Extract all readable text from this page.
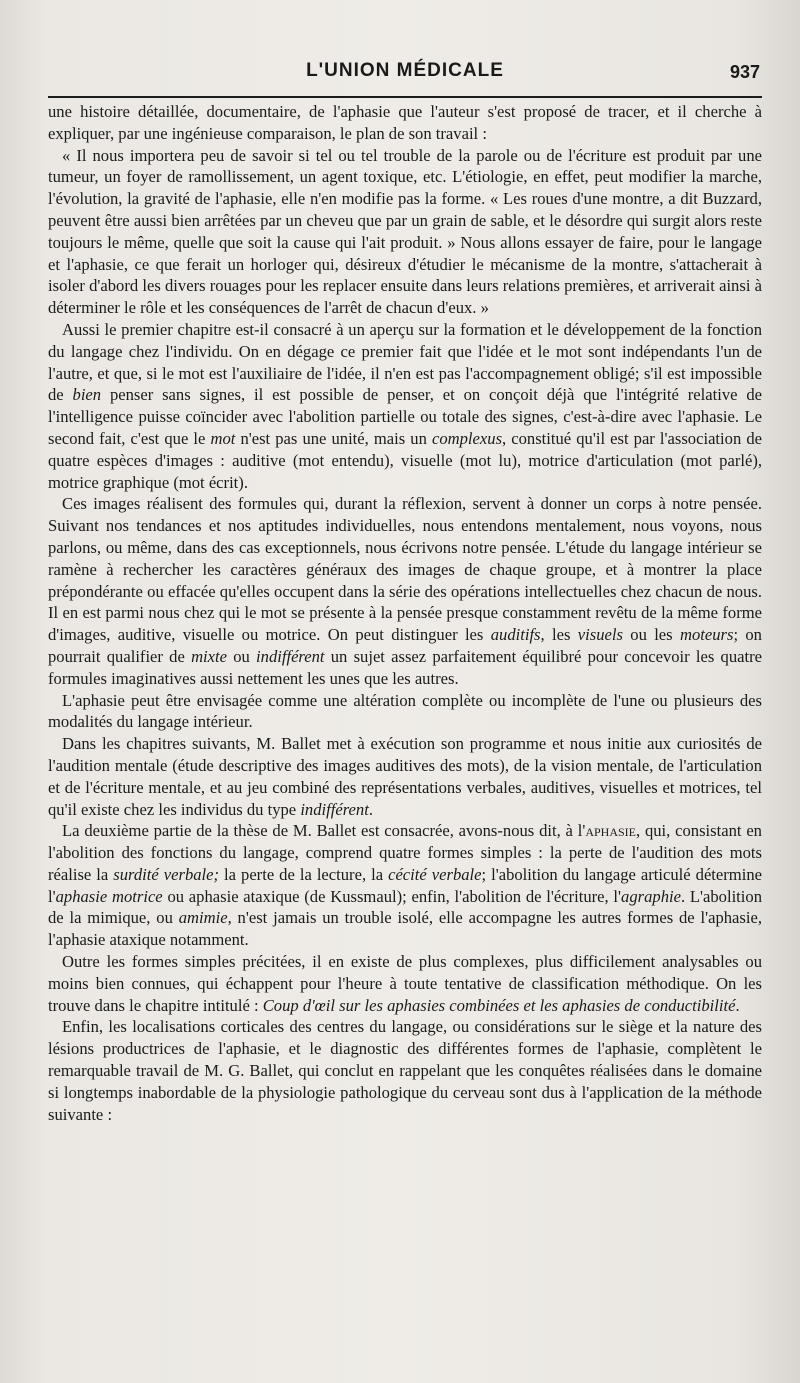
L'UNION MÉDICALE	937

une histoire détaillée, documentaire, de l'aphasie que l'auteur s'est proposé de tracer, et il cherche à expliquer, par une ingénieuse comparaison, le plan de son travail :

« Il nous importera peu de savoir si tel ou tel trouble de la parole ou de l'écriture est produit par une tumeur, un foyer de ramollissement, un agent toxique, etc. L'étiologie, en effet, peut modifier la marche, l'évolution, la gravité de l'aphasie, elle n'en modifie pas la forme. « Les roues d'une montre, a dit Buzzard, peuvent être aussi bien arrêtées par un cheveu que par un grain de sable, et le désordre qui surgit alors reste toujours le même, quelle que soit la cause qui l'ait produit. » Nous allons essayer de faire, pour le langage et l'aphasie, ce que ferait un horloger qui, désireux d'étudier le mécanisme de la montre, s'attacherait à isoler d'abord les divers rouages pour les replacer ensuite dans leurs relations premières, et arriverait ainsi à déterminer le rôle et les conséquences de l'arrêt de chacun d'eux. »

Aussi le premier chapitre est-il consacré à un aperçu sur la formation et le développement de la fonction du langage chez l'individu. On en dégage ce premier fait que l'idée et le mot sont indépendants l'un de l'autre, et que, si le mot est l'auxiliaire de l'idée, il n'en est pas l'accompagnement obligé; s'il est impossible de bien penser sans signes, il est possible de penser, et on conçoit déjà que l'intégrité relative de l'intelligence puisse coïncider avec l'abolition partielle ou totale des signes, c'est-à-dire avec l'aphasie. Le second fait, c'est que le mot n'est pas une unité, mais un complexus, constitué qu'il est par l'association de quatre espèces d'images : auditive (mot entendu), visuelle (mot lu), motrice d'articulation (mot parlé), motrice graphique (mot écrit).

Ces images réalisent des formules qui, durant la réflexion, servent à donner un corps à notre pensée. Suivant nos tendances et nos aptitudes individuelles, nous entendons mentalement, nous voyons, nous parlons, ou même, dans des cas exceptionnels, nous écrivons notre pensée. L'étude du langage intérieur se ramène à rechercher les caractères généraux des images de chaque groupe, et à montrer la place prépondérante ou effacée qu'elles occupent dans la série des opérations intellectuelles chez chacun de nous. Il en est parmi nous chez qui le mot se présente à la pensée presque constamment revêtu de la même forme d'images, auditive, visuelle ou motrice. On peut distinguer les auditifs, les visuels ou les moteurs; on pourrait qualifier de mixte ou indifférent un sujet assez parfaitement équilibré pour concevoir les quatre formules imaginatives aussi nettement les unes que les autres.

L'aphasie peut être envisagée comme une altération complète ou incomplète de l'une ou plusieurs des modalités du langage intérieur.

Dans les chapitres suivants, M. Ballet met à exécution son programme et nous initie aux curiosités de l'audition mentale (étude descriptive des images auditives des mots), de la vision mentale, de l'articulation et de l'écriture mentale, et au jeu combiné des représentations verbales, auditives, visuelles et motrices, tel qu'il existe chez les individus du type indifférent.

La deuxième partie de la thèse de M. Ballet est consacrée, avons-nous dit, à l'aphasie, qui, consistant en l'abolition des fonctions du langage, comprend quatre formes simples : la perte de l'audition des mots réalise la surdité verbale; la perte de la lecture, la cécité verbale; l'abolition du langage articulé détermine l'aphasie motrice ou aphasie ataxique (de Kussmaul); enfin, l'abolition de l'écriture, l'agraphie. L'abolition de la mimique, ou amimie, n'est jamais un trouble isolé, elle accompagne les autres formes de l'aphasie, l'aphasie ataxique notamment.

Outre les formes simples précitées, il en existe de plus complexes, plus difficilement analysables ou moins bien connues, qui échappent pour l'heure à toute tentative de classification méthodique. On les trouve dans le chapitre intitulé : Coup d'œil sur les aphasies combinées et les aphasies de conductibilité.

Enfin, les localisations corticales des centres du langage, ou considérations sur le siège et la nature des lésions productrices de l'aphasie, et le diagnostic des différentes formes de l'aphasie, complètent le remarquable travail de M. G. Ballet, qui conclut en rappelant que les conquêtes réalisées dans le domaine si longtemps inabordable de la physiologie pathologique du cerveau sont dus à l'application de la méthode suivante :
